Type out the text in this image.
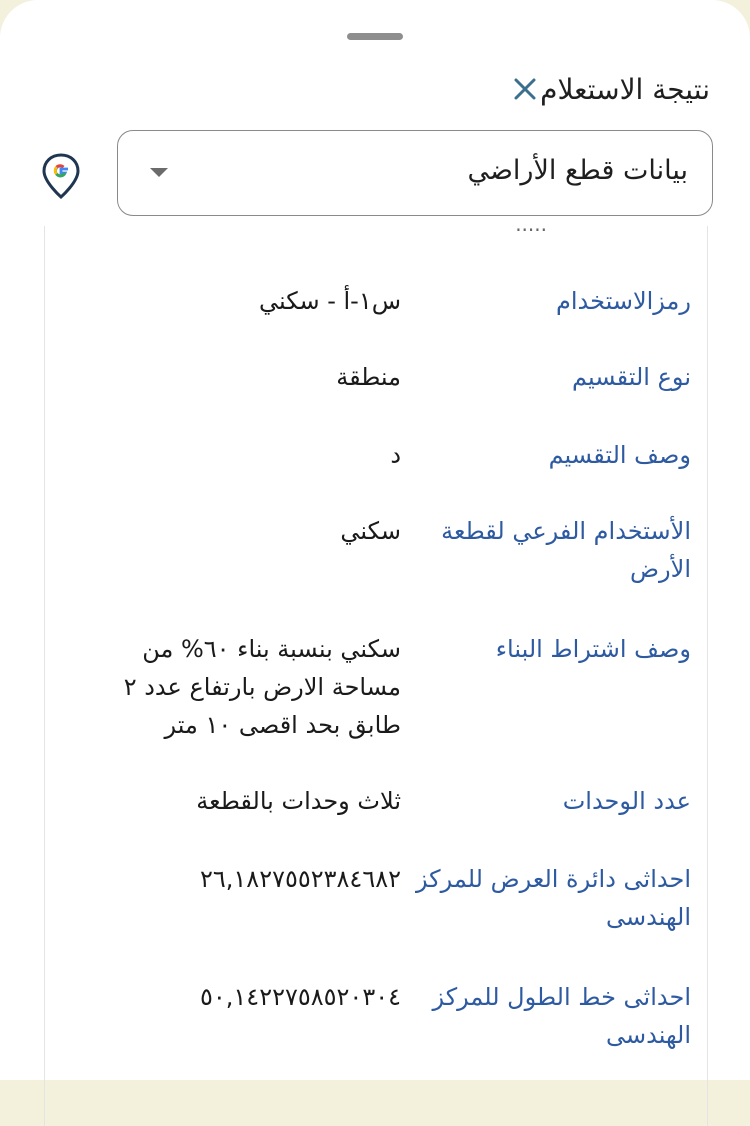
نتيجة الاستعلام
بيانات قطع الأراضي
.....
رمزالاستخدام
س١-أ - سكني
نوع التقسيم
منطقة
وصف التقسيم
د
الأستخدام الفرعي لقطعة الأرض
سكني
وصف اشتراط البناء
سكني بنسبة بناء ٦٠% من مساحة الارض بارتفاع عدد ٢ طابق بحد اقصى ١٠ متر
عدد الوحدات
ثلاث وحدات بالقطعة
احداثى دائرة العرض للمركز الهندسى
٢٦,١٨٢٧٥٥٢٣٨٤٦٨٢
احداثى خط الطول للمركز الهندسى
٥٠,١٤٢٢٧٥٨٥٢٠٣٠٤
